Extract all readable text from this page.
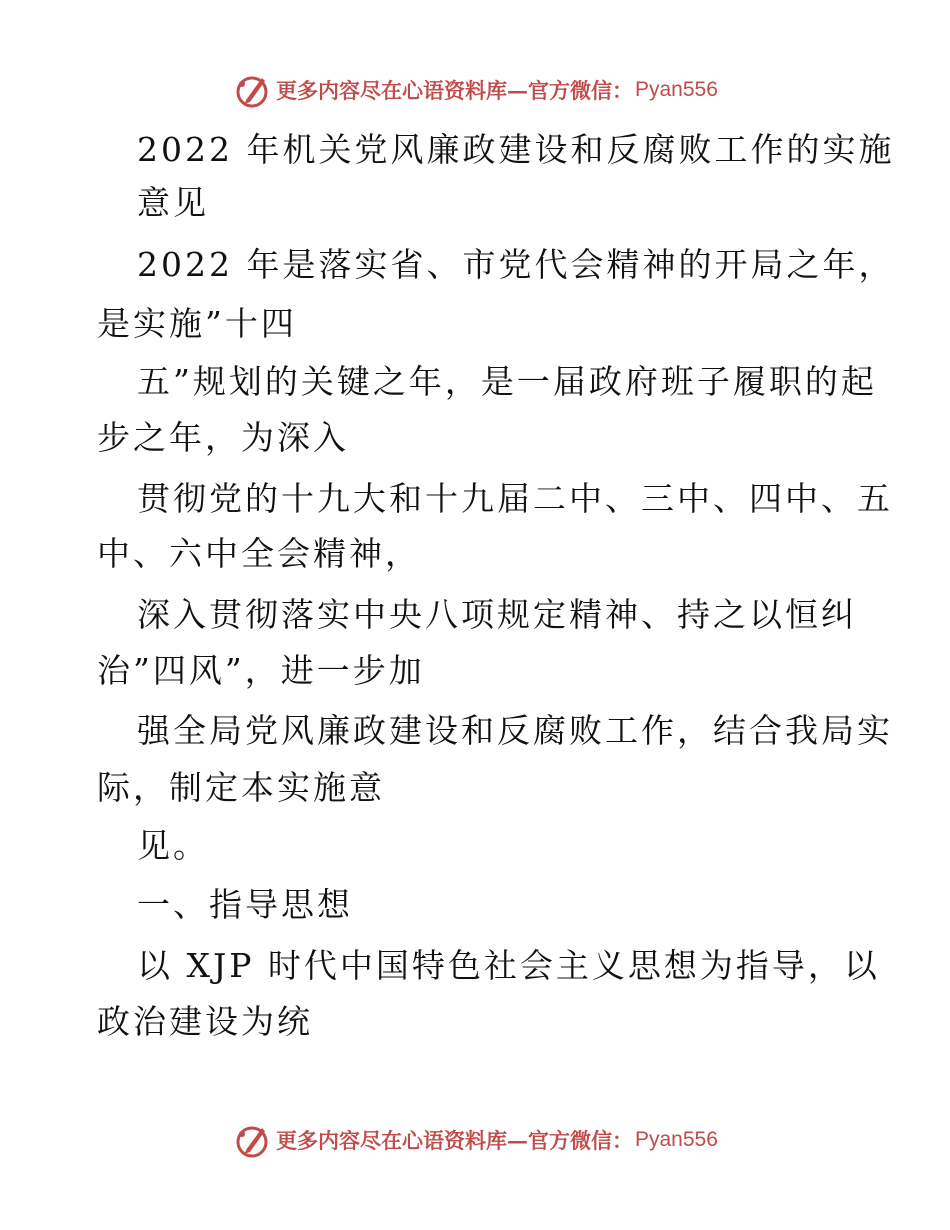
更多内容尽在心语资料库 — 官方微信： Pyan556
2022 年机关党风廉政建设和反腐败工作的实施
意见
2022 年是落实省、市党代会精神的开局之年，
是实施”十四
五”规划的关键之年，是一届政府班子履职的起
步之年，为深入
贯彻党的十九大和十九届二中、三中、四中、五
中、六中全会精神，
深入贯彻落实中央八项规定精神、持之以恒纠
治”四风”，进一步加
强全局党风廉政建设和反腐败工作，结合我局实
际，制定本实施意
见。
一、指导思想
以 XJP 时代中国特色社会主义思想为指导，以
政治建设为统
更多内容尽在心语资料库 — 官方微信： Pyan556
